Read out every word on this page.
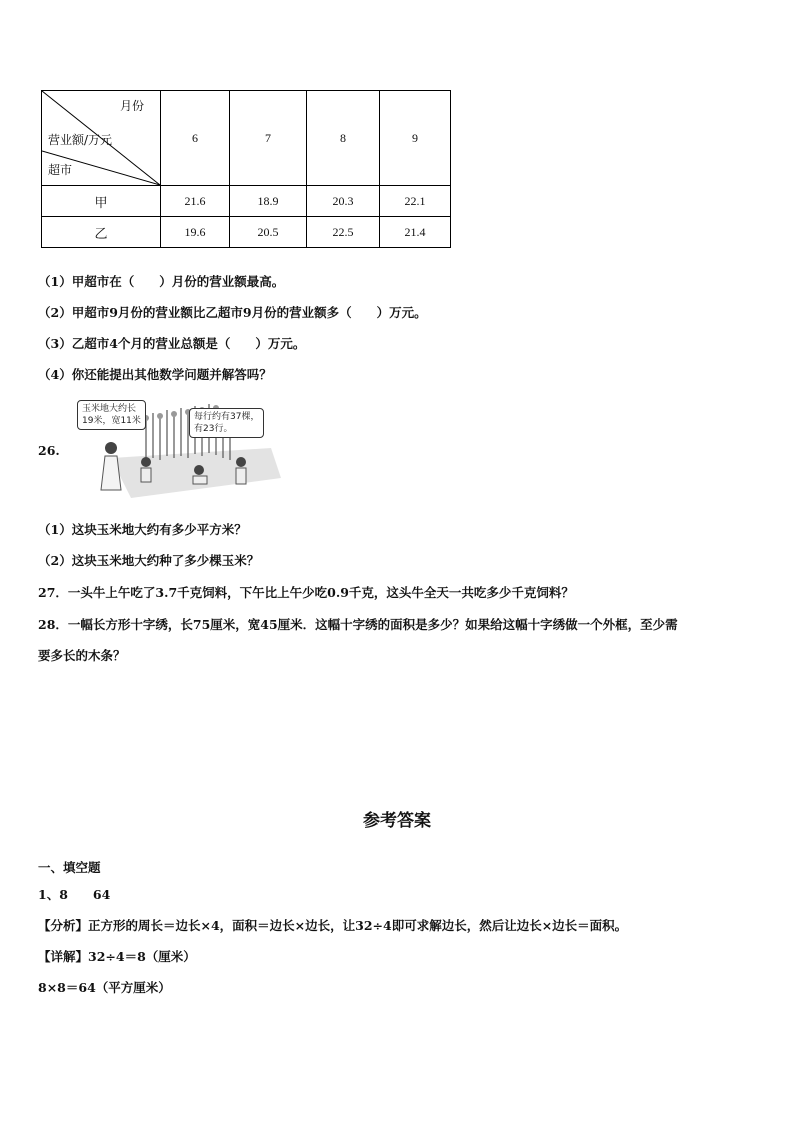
月份
营业额/万元
超市	6	7	8	9
甲	21.6	18.9	20.3	22.1
乙	19.6	20.5	22.5	21.4
（1）甲超市在（　　）月份的营业额最高。
（2）甲超市9月份的营业额比乙超市9月份的营业额多（　　）万元。
（3）乙超市4个月的营业总额是（　　）万元。
（4）你还能提出其他数学问题并解答吗？
26.
玉米地大约长
19米，宽11米	每行约有37棵，
有23行。
（1）这块玉米地大约有多少平方米？
（2）这块玉米地大约种了多少棵玉米？
27．一头牛上午吃了3.7千克饲料，下午比上午少吃0.9千克，这头牛全天一共吃多少千克饲料？
28．一幅长方形十字绣，长75厘米，宽45厘米．这幅十字绣的面积是多少？如果给这幅十字绣做一个外框，至少需
要多长的木条？
参考答案
一、填空题
1、8　　64
【分析】正方形的周长＝边长×4，面积＝边长×边长，让32÷4即可求解边长，然后让边长×边长＝面积。
【详解】32÷4＝8（厘米）
8×8＝64（平方厘米）
